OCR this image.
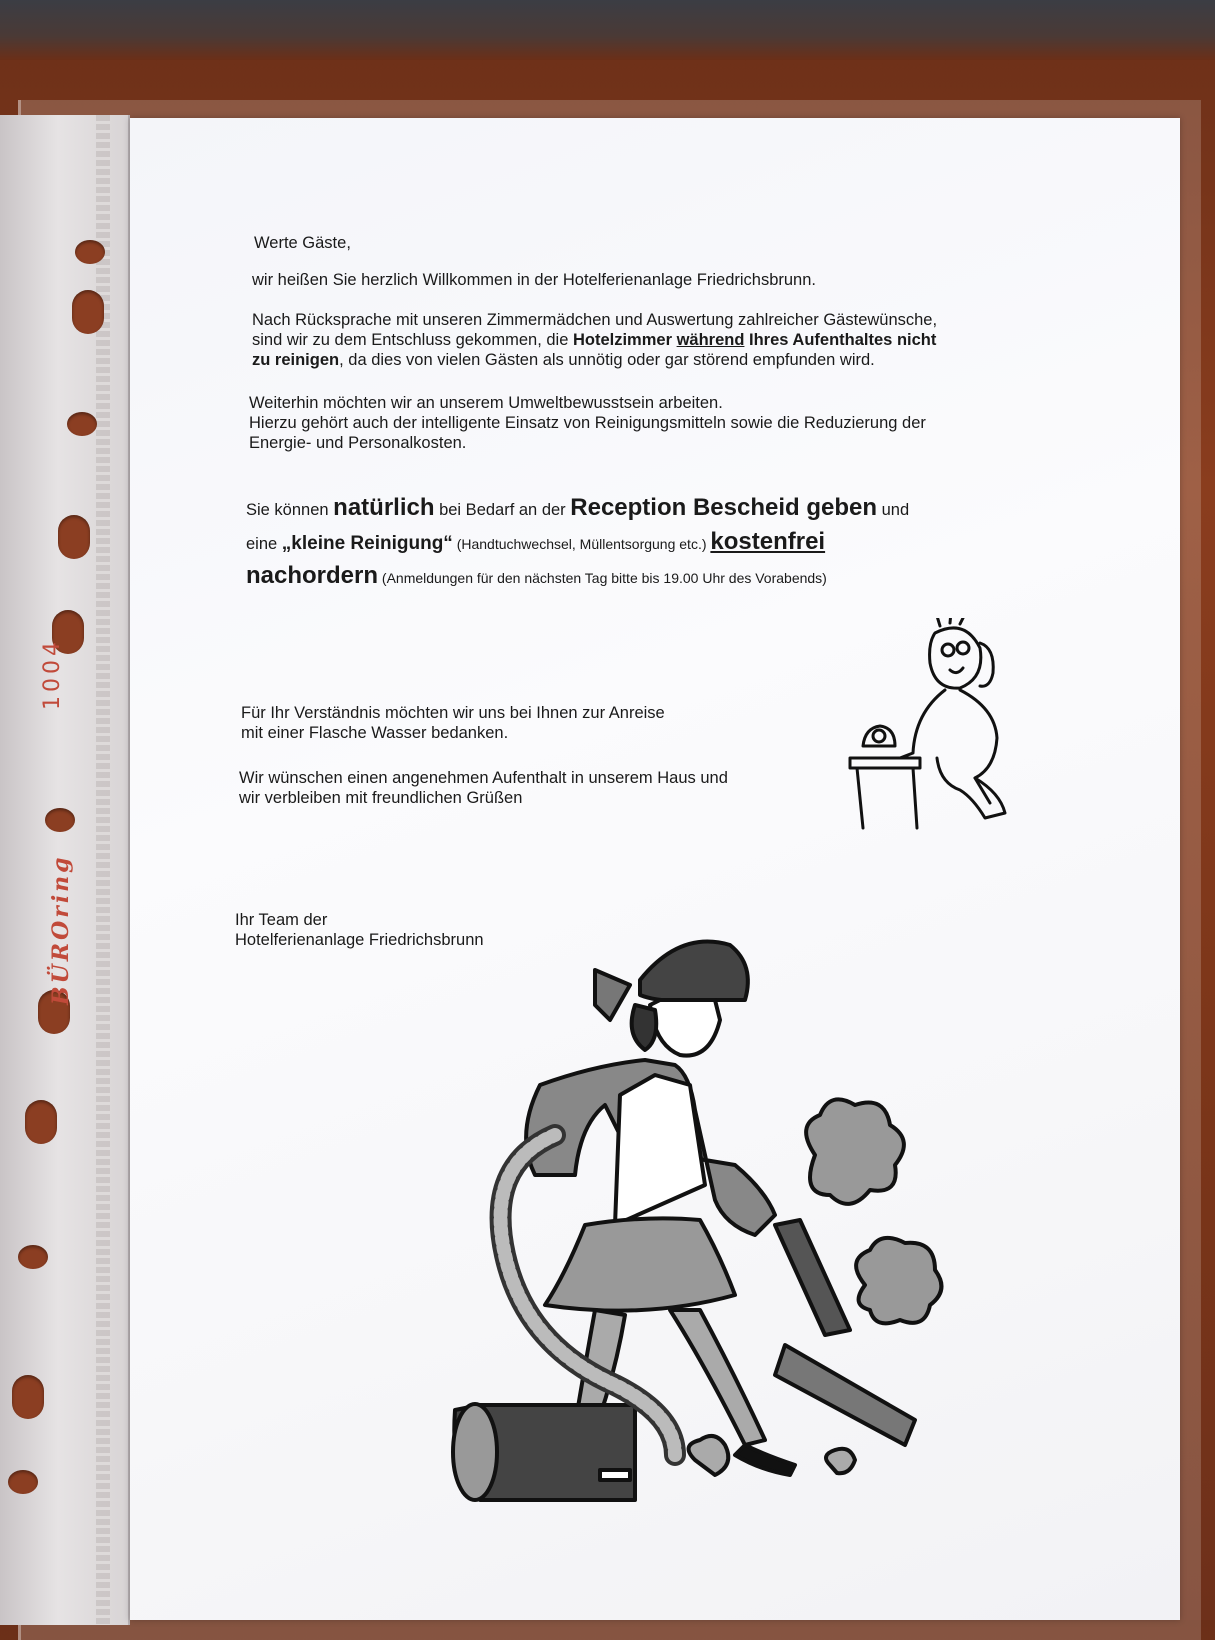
1004
BÜROring
Werte Gäste,
wir heißen Sie herzlich Willkommen in der Hotelferienanlage Friedrichsbrunn.

Nach Rücksprache mit unseren Zimmermädchen und Auswertung zahlreicher Gästewünsche,

sind wir zu dem Entschluss gekommen, die Hotelzimmer während Ihres Aufenthaltes nicht

zu reinigen, da dies von vielen Gästen als unnötig oder gar störend empfunden wird.

Weiterhin möchten wir an unserem Umweltbewusstsein arbeiten.

Hierzu gehört auch der intelligente Einsatz von Reinigungsmitteln sowie die Reduzierung der

Energie- und Personalkosten.

Sie können natürlich bei Bedarf an der Reception Bescheid geben und

eine „kleine Reinigung“ (Handtuchwechsel, Müllentsorgung etc.) kostenfrei

nachordern (Anmeldungen für den nächsten Tag bitte bis 19.00 Uhr des Vorabends)

Für Ihr Verständnis möchten wir uns bei Ihnen zur Anreise

mit einer Flasche Wasser bedanken.

Wir wünschen einen angenehmen Aufenthalt in unserem Haus und

wir verbleiben mit freundlichen Grüßen

Ihr Team der

Hotelferienanlage Friedrichsbrunn
